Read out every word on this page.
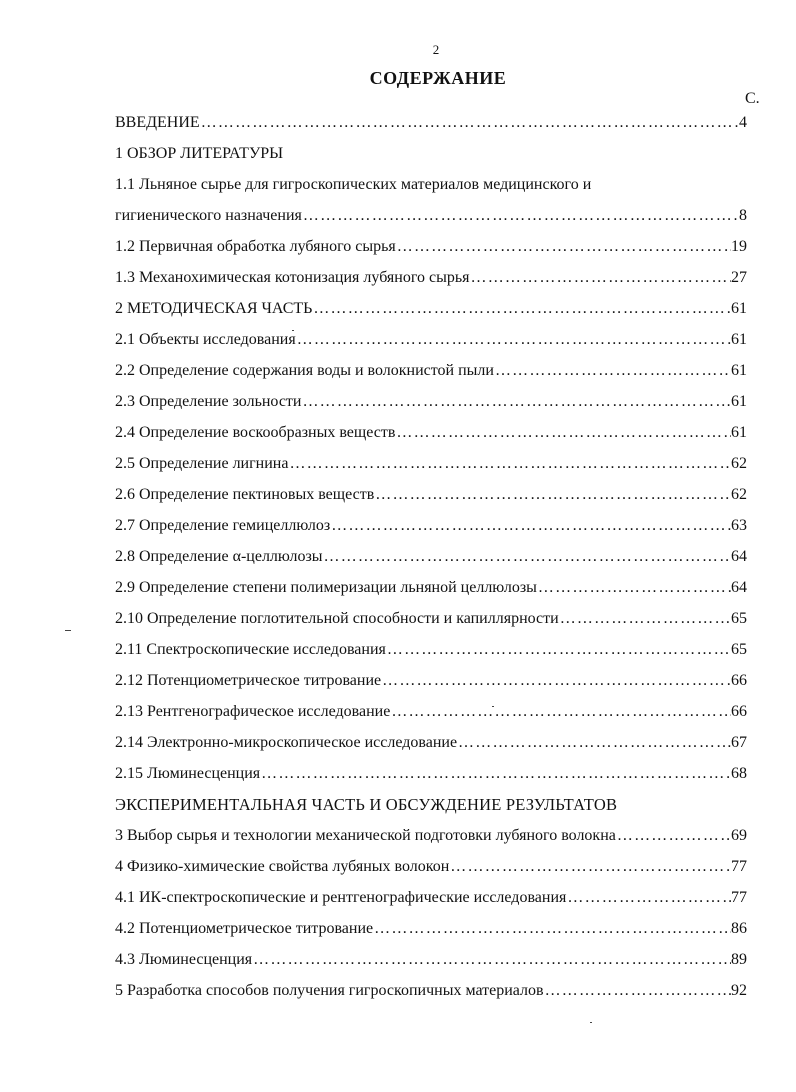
2
СОДЕРЖАНИЕ
С.
ВВЕДЕНИЕ …………………………………………………………………………………………………………………………………………………………………………	4
1 ОБЗОР ЛИТЕРАТУРЫ
1.1 Льняное сырье для гигроскопических материалов медицинского и
гигиенического назначения …………………………………………………………………………………………………………………………………………………………………………	8
1.2 Первичная обработка лубяного сырья …………………………………………………………………………………………………………………………………………………………………………	19
1.3 Механохимическая котонизация лубяного сырья …………………………………………………………………………………………………………………………………………………………………………	27
2 МЕТОДИЧЕСКАЯ ЧАСТЬ …………………………………………………………………………………………………………………………………………………………………………	61
2.1 Объекты исследования …………………………………………………………………………………………………………………………………………………………………………	61
2.2 Определение содержания воды и волокнистой пыли …………………………………………………………………………………………………………………………………………………………………………	61
2.3 Определение зольности …………………………………………………………………………………………………………………………………………………………………………	61
2.4 Определение воскообразных веществ …………………………………………………………………………………………………………………………………………………………………………	61
2.5 Определение лигнина …………………………………………………………………………………………………………………………………………………………………………	62
2.6 Определение пектиновых веществ …………………………………………………………………………………………………………………………………………………………………………	62
2.7 Определение гемицеллюлоз …………………………………………………………………………………………………………………………………………………………………………	63
2.8 Определение α-целлюлозы …………………………………………………………………………………………………………………………………………………………………………	64
2.9 Определение степени полимеризации льняной целлюлозы …………………………………………………………………………………………………………………………………………………………………………	64
2.10 Определение поглотительной способности и капиллярности …………………………………………………………………………………………………………………………………………………………………………	65
2.11 Спектроскопические исследования …………………………………………………………………………………………………………………………………………………………………………	65
2.12 Потенциометрическое титрование …………………………………………………………………………………………………………………………………………………………………………	66
2.13 Рентгенографическое исследование …………………………………………………………………………………………………………………………………………………………………………	66
2.14 Электронно-микроскопическое исследование …………………………………………………………………………………………………………………………………………………………………………	67
2.15 Люминесценция …………………………………………………………………………………………………………………………………………………………………………	68
ЭКСПЕРИМЕНТАЛЬНАЯ ЧАСТЬ И ОБСУЖДЕНИЕ РЕЗУЛЬТАТОВ
3 Выбор сырья и технологии механической подготовки лубяного волокна …………………………………………………………………………………………………………………………………………………………………………	69
4 Физико-химические свойства лубяных волокон …………………………………………………………………………………………………………………………………………………………………………	77
4.1 ИК-спектроскопические и рентгенографические исследования …………………………………………………………………………………………………………………………………………………………………………	77
4.2 Потенциометрическое титрование …………………………………………………………………………………………………………………………………………………………………………	86
4.3 Люминесценция …………………………………………………………………………………………………………………………………………………………………………	89
5 Разработка способов получения гигроскопичных материалов …………………………………………………………………………………………………………………………………………………………………………	92
